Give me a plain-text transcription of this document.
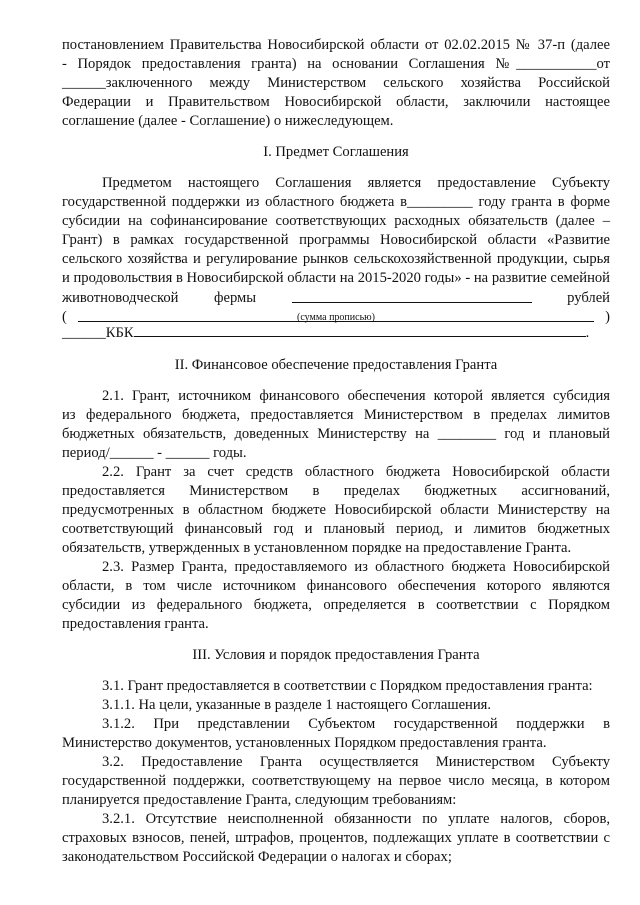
постановлением Правительства Новосибирской области от 02.02.2015 № 37-п (далее
- Порядок предоставления гранта) на основании Соглашения №___________от
______заключенного между Министерством сельского хозяйства Российской
Федерации и Правительством Новосибирской области, заключили настоящее
соглашение (далее - Соглашение) о нижеследующем.
I. Предмет Соглашения
Предметом настоящего Соглашения является предоставление Субъекту
государственной поддержки из областного бюджета в_________ году гранта в форме
субсидии на софинансирование соответствующих расходных обязательств (далее –
Грант) в рамках государственной программы Новосибирской области «Развитие
сельского хозяйства и регулирование рынков сельскохозяйственной продукции, сырья
и продовольствия в Новосибирской области на 2015-2020 годы» - на развитие семейной
животноводческой фермы	рублей
(	)
(сумма прописью)
______КБК	.
II. Финансовое обеспечение предоставления Гранта
2.1. Грант, источником финансового обеспечения которой является субсидия
из федерального бюджета, предоставляется Министерством в пределах лимитов
бюджетных обязательств, доведенных Министерству на ________ год и плановый
период/______ - ______ годы.
2.2. Грант за счет средств областного бюджета Новосибирской области
предоставляется Министерством в пределах бюджетных ассигнований,
предусмотренных в областном бюджете Новосибирской области Министерству на
соответствующий финансовый год и плановый период, и лимитов бюджетных
обязательств, утвержденных в установленном порядке на предоставление Гранта.
2.3. Размер Гранта, предоставляемого из областного бюджета Новосибирской
области, в том числе источником финансового обеспечения которого являются
субсидии из федерального бюджета, определяется в соответствии с Порядком
предоставления гранта.
III. Условия и порядок предоставления Гранта
3.1. Грант предоставляется в соответствии с Порядком предоставления гранта:
3.1.1. На цели, указанные в разделе 1 настоящего Соглашения.
3.1.2. При представлении Субъектом государственной поддержки в
Министерство документов, установленных Порядком предоставления гранта.
3.2. Предоставление Гранта осуществляется Министерством Субъекту
государственной поддержки, соответствующему на первое число месяца, в котором
планируется предоставление Гранта, следующим требованиям:
3.2.1. Отсутствие неисполненной обязанности по уплате налогов, сборов,
страховых взносов, пеней, штрафов, процентов, подлежащих уплате в соответствии с
законодательством Российской Федерации о налогах и сборах;
